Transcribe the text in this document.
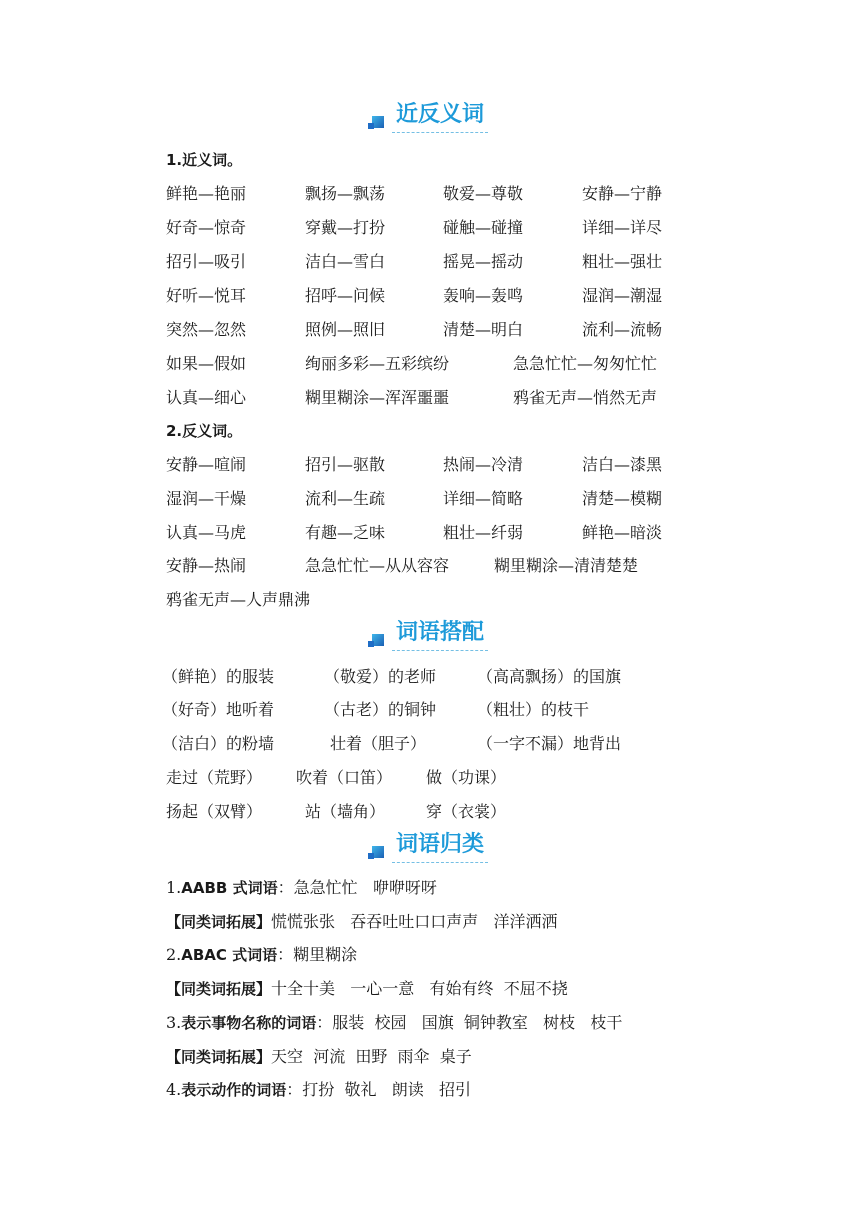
近反义词
1.近义词。
鲜艳—艳丽	飘扬—飘荡	敬爱—尊敬	安静—宁静
好奇—惊奇	穿戴—打扮	碰触—碰撞	详细—详尽
招引—吸引	洁白—雪白	摇晃—摇动	粗壮—强壮
好听—悦耳	招呼—问候	轰响—轰鸣	湿润—潮湿
突然—忽然	照例—照旧	清楚—明白	流利—流畅
如果—假如	绚丽多彩—五彩缤纷	急急忙忙—匆匆忙忙
认真—细心	糊里糊涂—浑浑噩噩	鸦雀无声—悄然无声
2.反义词。
安静—喧闹	招引—驱散	热闹—冷清	洁白—漆黑
湿润—干燥	流利—生疏	详细—简略	清楚—模糊
认真—马虎	有趣—乏味	粗壮—纤弱	鲜艳—暗淡
安静—热闹	急急忙忙—从从容容	糊里糊涂—清清楚楚
鸦雀无声—人声鼎沸
词语搭配
（鲜艳）的服装	（敬爱）的老师	（高高飘扬）的国旗
（好奇）地听着	（古老）的铜钟	（粗壮）的枝干
（洁白）的粉墙	壮着（胆子）	（一字不漏）地背出
走过（荒野） 吹着（口笛） 做（功课）
扬起（双臂）	站（墙角）	穿（衣裳）
词语归类
1.AABB 式词语：急急忙忙   咿咿呀呀
【同类词拓展】慌慌张张   吞吞吐吐口口声声   洋洋洒洒
2.ABAC 式词语：糊里糊涂
【同类词拓展】十全十美   一心一意   有始有终  不屈不挠
3.表示事物名称的词语：服装  校园   国旗  铜钟教室   树枝   枝干
【同类词拓展】天空  河流  田野  雨伞  桌子
4.表示动作的词语：打扮  敬礼   朗读   招引
